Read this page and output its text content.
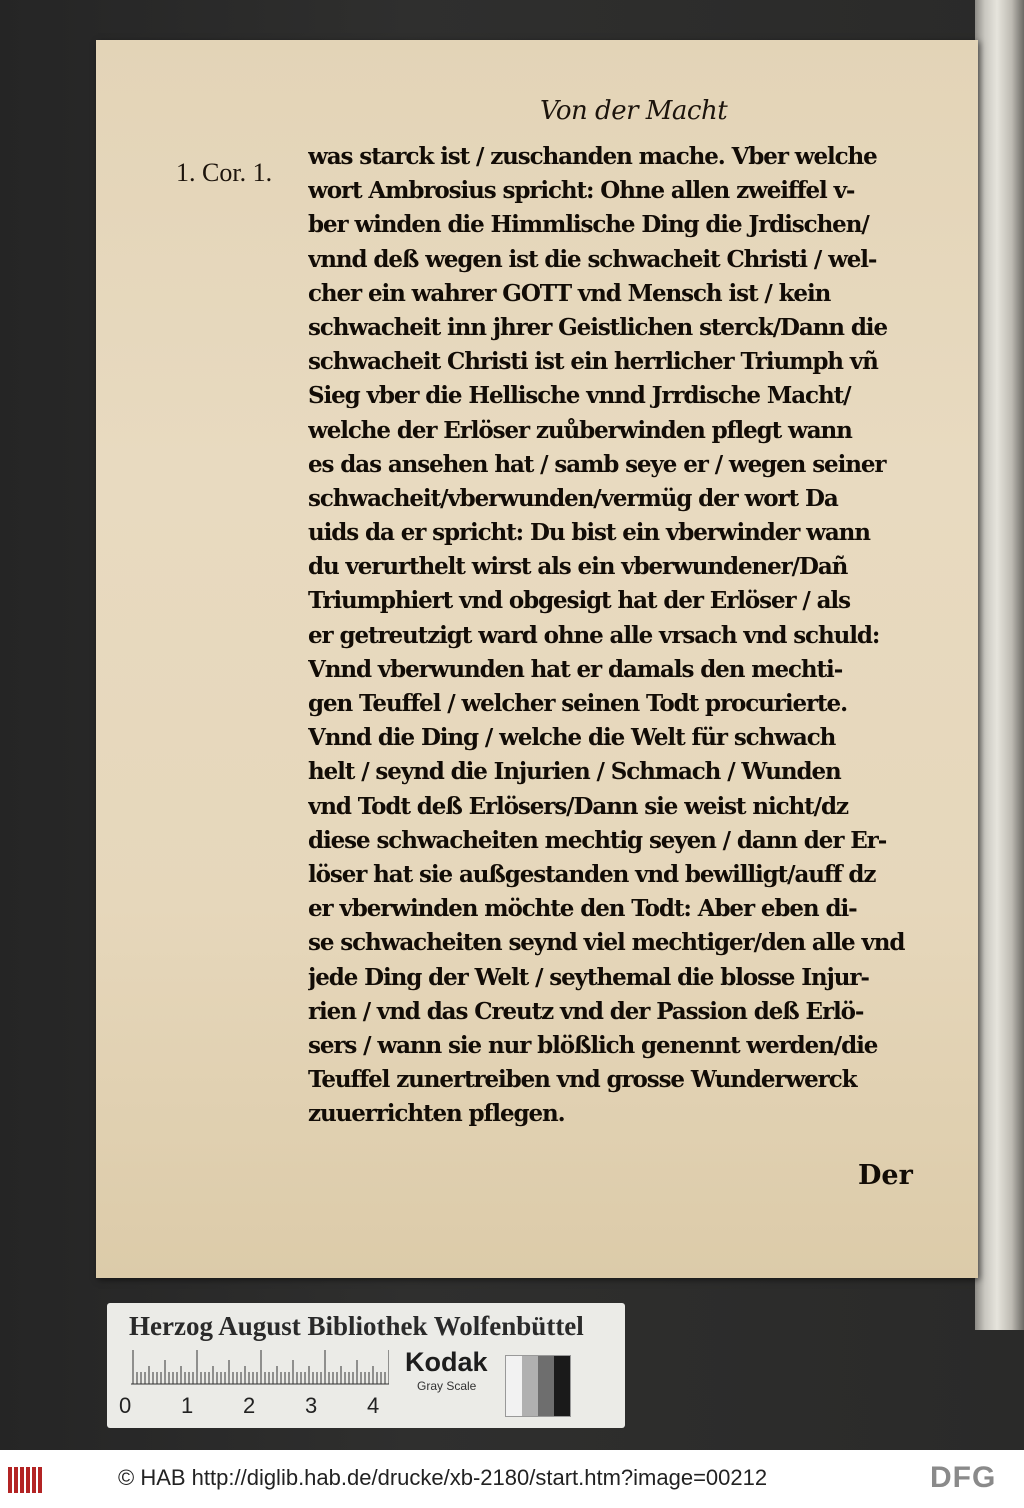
Von der Macht
1. Cor. 1.
was starck ist / zuschanden mache. Vber welche
wort Ambrosius spricht: Ohne allen zweiffel v-
ber winden die Himmlische Ding die Jrdischen/
vnnd deß wegen ist die schwacheit Christi / wel-
cher ein wahrer GOTT vnd Mensch ist / kein
schwacheit inn jhrer Geistlichen sterck/Dann die
schwacheit Christi ist ein herrlicher Triumph vñ
Sieg vber die Hellische vnnd Jrrdische Macht/
welche der Erlöser zuůberwinden pflegt wann
es das ansehen hat / samb seye er / wegen seiner
schwacheit/vberwunden/vermüg der wort Da
uids da er spricht: Du bist ein vberwinder wann
du verurthelt wirst als ein vberwundener/Dañ
Triumphiert vnd obgesigt hat der Erlöser / als
er getreutzigt ward ohne alle vrsach vnd schuld:
Vnnd vberwunden hat er damals den mechti-
gen Teuffel / welcher seinen Todt procurierte.
Vnnd die Ding / welche die Welt für schwach
helt / seynd die Injurien / Schmach / Wunden
vnd Todt deß Erlösers/Dann sie weist nicht/dz
diese schwacheiten mechtig seyen / dann der Er-
löser hat sie außgestanden vnd bewilligt/auff dz
er vberwinden möchte den Todt: Aber eben di-
se schwacheiten seynd viel mechtiger/den alle vnd
jede Ding der Welt / seythemal die blosse Injur-
rien / vnd das Creutz vnd der Passion deß Erlö-
sers / wann sie nur blößlich genennt werden/die
Teuffel zunertreiben vnd grosse Wunderwerck
zuuerrichten pflegen.
Der
Herzog August Bibliothek Wolfenbüttel
0 1 2 3 4
Kodak
Gray Scale
© HAB http://diglib.hab.de/drucke/xb-2180/start.htm?image=00212	DFG
